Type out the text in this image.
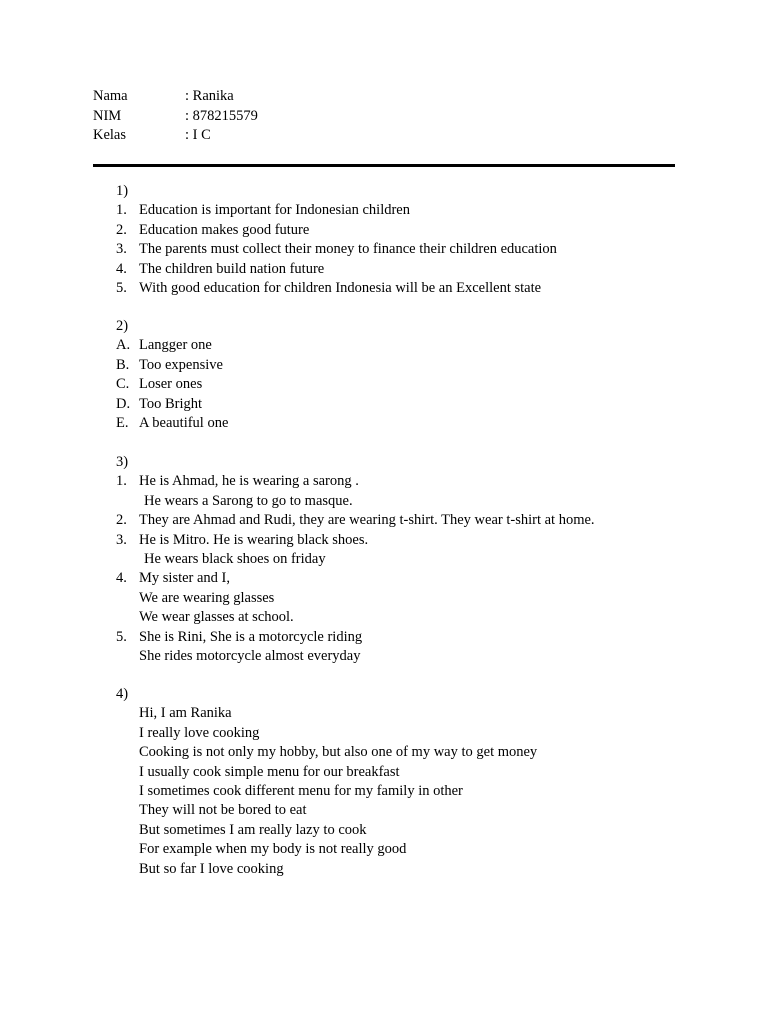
Nama	: Ranika
NIM	: 878215579
Kelas	: I C
1)
1. Education is important for Indonesian children
2. Education makes good future
3. The parents must collect their money to finance their children education
4. The children build nation future
5. With good education for children Indonesia will be an Excellent state
2)
A. Langger one
B. Too expensive
C. Loser ones
D. Too Bright
E. A beautiful one
3)
1. He is Ahmad, he is wearing a sarong .
He wears a Sarong to go to masque.
2. They are Ahmad and Rudi, they are wearing t-shirt. They wear t-shirt at home.
3. He is Mitro. He is wearing black shoes.
He wears black shoes on friday
4. My sister and I,
We are wearing glasses
We wear glasses at school.
5. She is Rini, She is a motorcycle riding
She rides motorcycle almost everyday
4)
Hi, I am Ranika
I really love cooking
Cooking is not only my hobby, but also one of my way to get money
I usually cook simple menu for our breakfast
I sometimes cook different menu for my family in other
They will not be bored to eat
But sometimes I am really lazy to cook
For example when my body is not really good
But so far I love cooking
